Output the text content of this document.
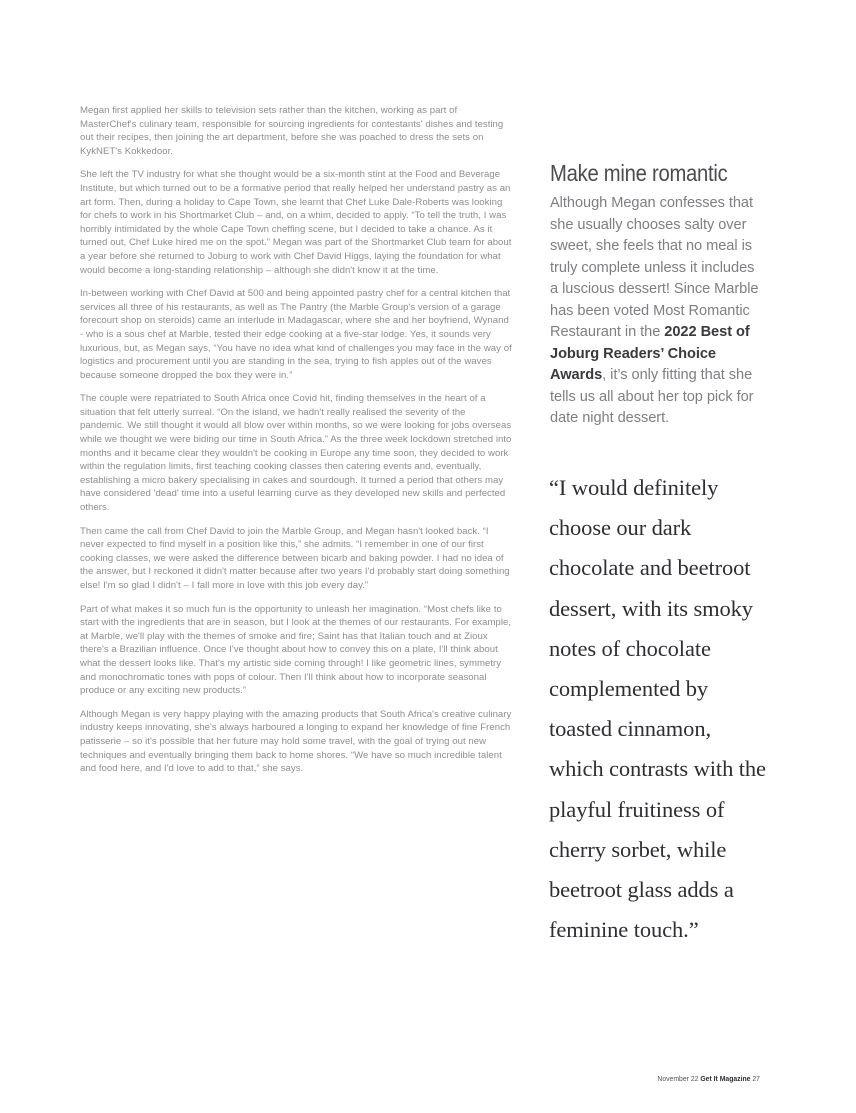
Megan first applied her skills to television sets rather than the kitchen, working as part of MasterChef's culinary team, responsible for sourcing ingredients for contestants' dishes and testing out their recipes, then joining the art department, before she was poached to dress the sets on KykNET's Kokkedoor.

She left the TV industry for what she thought would be a six-month stint at the Food and Beverage Institute, but which turned out to be a formative period that really helped her understand pastry as an art form. Then, during a holiday to Cape Town, she learnt that Chef Luke Dale-Roberts was looking for chefs to work in his Shortmarket Club – and, on a whim, decided to apply. “To tell the truth, I was horribly intimidated by the whole Cape Town cheffing scene, but I decided to take a chance. As it turned out, Chef Luke hired me on the spot.” Megan was part of the Shortmarket Club team for about a year before she returned to Joburg to work with Chef David Higgs, laying the foundation for what would become a long-standing relationship – although she didn't know it at the time.

In-between working with Chef David at 500 and being appointed pastry chef for a central kitchen that services all three of his restaurants, as well as The Pantry (the Marble Group's version of a garage forecourt shop on steroids) came an interlude in Madagascar, where she and her boyfriend, Wynand - who is a sous chef at Marble, tested their edge cooking at a five-star lodge. Yes, it sounds very luxurious, but, as Megan says, “You have no idea what kind of challenges you may face in the way of logistics and procurement until you are standing in the sea, trying to fish apples out of the waves because someone dropped the box they were in.”

The couple were repatriated to South Africa once Covid hit, finding themselves in the heart of a situation that felt utterly surreal. “On the island, we hadn't really realised the severity of the pandemic. We still thought it would all blow over within months, so we were looking for jobs overseas while we thought we were biding our time in South Africa.” As the three week lockdown stretched into months and it became clear they wouldn't be cooking in Europe any time soon, they decided to work within the regulation limits, first teaching cooking classes then catering events and, eventually, establishing a micro bakery specialising in cakes and sourdough. It turned a period that others may have considered 'dead' time into a useful learning curve as they developed new skills and perfected others.

Then came the call from Chef David to join the Marble Group, and Megan hasn't looked back. “I never expected to find myself in a position like this,” she admits. “I remember in one of our first cooking classes, we were asked the difference between bicarb and baking powder. I had no idea of the answer, but I reckoned it didn't matter because after two years I'd probably start doing something else! I'm so glad I didn't – I fall more in love with this job every day.”

Part of what makes it so much fun is the opportunity to unleash her imagination. “Most chefs like to start with the ingredients that are in season, but I look at the themes of our restaurants. For example, at Marble, we'll play with the themes of smoke and fire; Saint has that Italian touch and at Zioux there's a Brazilian influence. Once I've thought about how to convey this on a plate, I'll think about what the dessert looks like. That's my artistic side coming through! I like geometric lines, symmetry and monochromatic tones with pops of colour. Then I'll think about how to incorporate seasonal produce or any exciting new products.”

Although Megan is very happy playing with the amazing products that South Africa's creative culinary industry keeps innovating, she's always harboured a longing to expand her knowledge of fine French patisserie – so it's possible that her future may hold some travel, with the goal of trying out new techniques and eventually bringing them back to home shores. “We have so much incredible talent and food here, and I'd love to add to that,” she says.

Make mine romantic

Although Megan confesses that she usually chooses salty over sweet, she feels that no meal is truly complete unless it includes a luscious dessert! Since Marble has been voted Most Romantic Restaurant in the 2022 Best of Joburg Readers’ Choice Awards, it’s only fitting that she tells us all about her top pick for date night dessert.

“I would definitely choose our dark chocolate and beetroot dessert, with its smoky notes of chocolate complemented by toasted cinnamon, which contrasts with the playful fruitiness of cherry sorbet, while beetroot glass adds a feminine touch.”
November 22 Get It Magazine 27
